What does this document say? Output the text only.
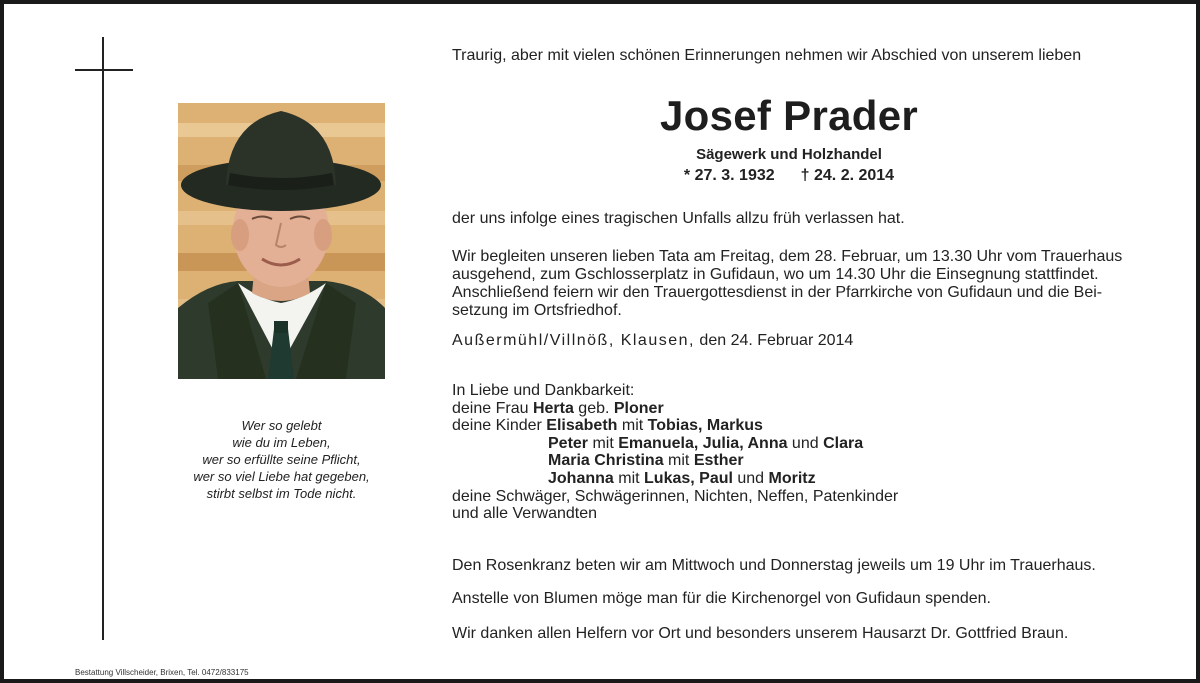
Wer so gelebt
wie du im Leben,
wer so erfüllte seine Pflicht,
wer so viel Liebe hat gegeben,
stirbt selbst im Tode nicht.
Bestattung Villscheider, Brixen, Tel. 0472/833175
Traurig, aber mit vielen schönen Erinnerungen nehmen wir Abschied von unserem lieben
Josef Prader
Sägewerk und Holzhandel
* 27. 3. 1932 † 24. 2. 2014
der uns infolge eines tragischen Unfalls allzu früh verlassen hat.
Wir begleiten unseren lieben Tata am Freitag, dem 28. Februar, um 13.30 Uhr vom Trauerhaus
ausgehend, zum Gschlosserplatz in Gufidaun, wo um 14.30 Uhr die Einsegnung stattfindet.
Anschließend feiern wir den Trauergottesdienst in der Pfarrkirche von Gufidaun und die Bei-
setzung im Ortsfriedhof.
Außermühl/Villnöß, Klausen, den 24. Februar 2014
In Liebe und Dankbarkeit:
deine Frau Herta geb. Ploner
deine Kinder Elisabeth mit Tobias, Markus
Peter mit Emanuela, Julia, Anna und Clara
Maria Christina mit Esther
Johanna mit Lukas, Paul und Moritz
deine Schwäger, Schwägerinnen, Nichten, Neffen, Patenkinder
und alle Verwandten
Den Rosenkranz beten wir am Mittwoch und Donnerstag jeweils um 19 Uhr im Trauerhaus.
Anstelle von Blumen möge man für die Kirchenorgel von Gufidaun spenden.
Wir danken allen Helfern vor Ort und besonders unserem Hausarzt Dr. Gottfried Braun.
